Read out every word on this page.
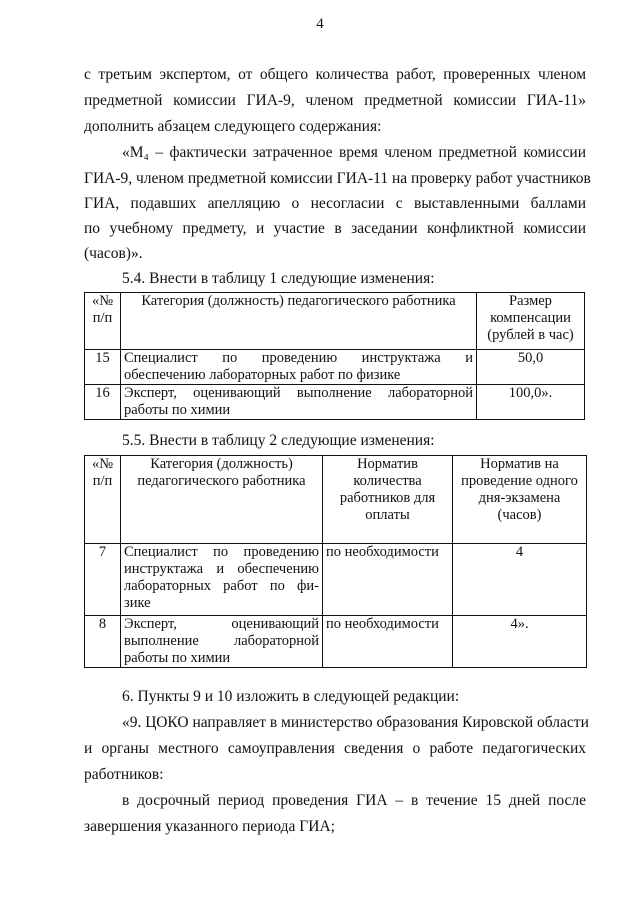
4
с третьим экспертом, от общего количества работ, проверенных членом
предметной комиссии ГИА-9, членом предметной комиссии ГИА-11»
дополнить абзацем следующего содержания:
«М₄ – фактически затраченное время членом предметной комиссии
ГИА-9, членом предметной комиссии ГИА-11 на проверку работ участников
ГИА, подавших апелляцию о несогласии с выставленными баллами
по учебному предмету, и участие в заседании конфликтной комиссии
(часов)».
5.4. Внести в таблицу 1 следующие изменения:
«№ п/п	Категория (должность) педагогического работника	Размер компенсации (рублей в час)
15	Специалист по проведению инструктажа и обеспечению лабораторных работ по физике	50,0
16	Эксперт, оценивающий выполнение лабораторной работы по химии	100,0».
5.5. Внести в таблицу 2 следующие изменения:
«№ п/п	Категория (должность) педагогического работника	Норматив количества работников для оплаты	Норматив на проведение одного дня-экзамена (часов)
7	Специалист по проведению инструктажа и обеспечению лабораторных работ по фи-зике	по необходимости	4
8	Эксперт, оценивающий выполнение лабораторной работы по химии	по необходимости	4».
6. Пункты 9 и 10 изложить в следующей редакции:
«9. ЦОКО направляет в министерство образования Кировской области
и органы местного самоуправления сведения о работе педагогических
работников:
в досрочный период проведения ГИА – в течение 15 дней после
завершения указанного периода ГИА;
